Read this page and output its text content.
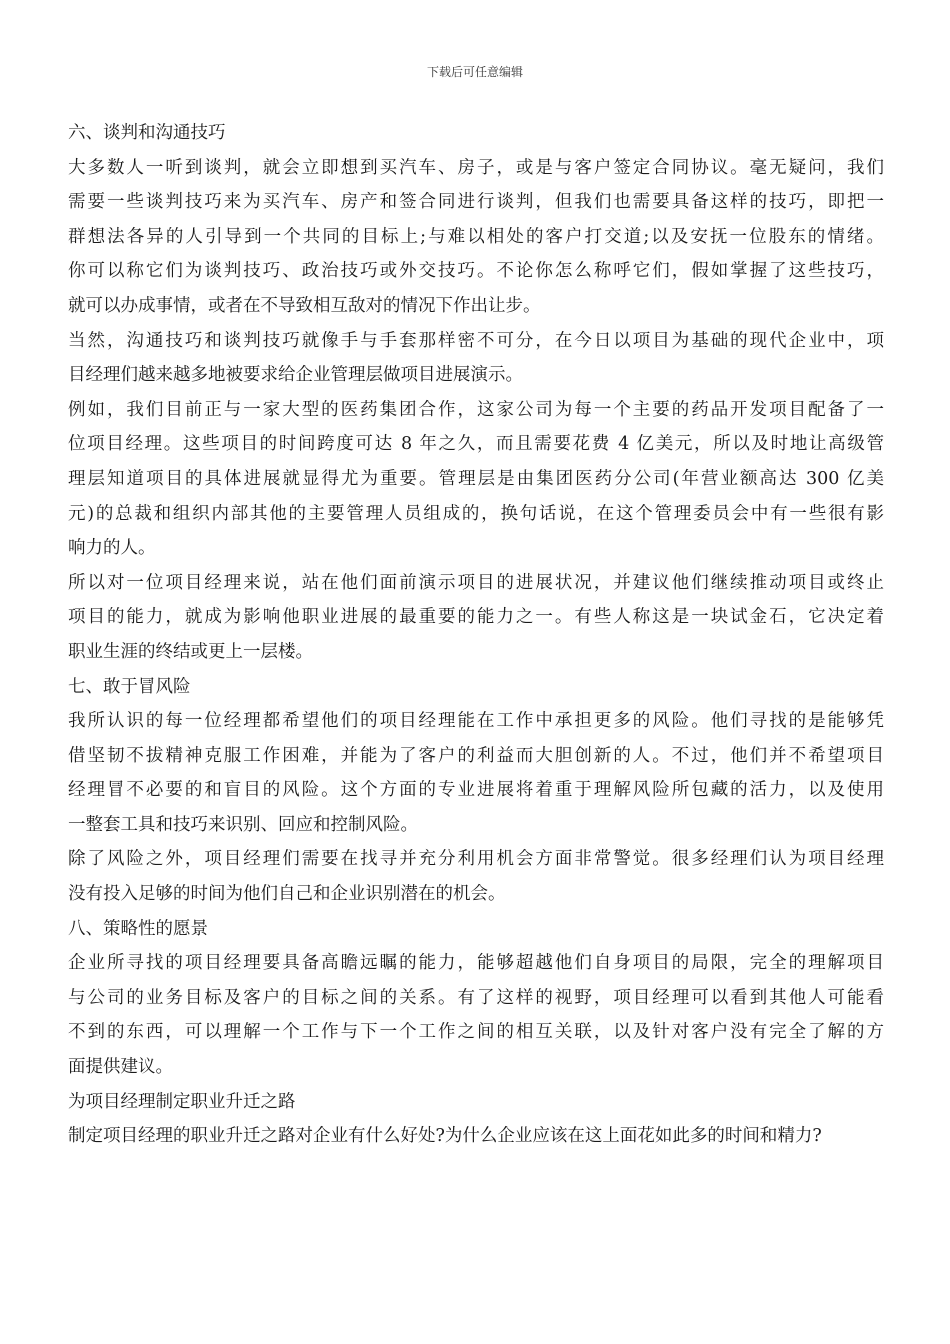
下载后可任意编辑
六、谈判和沟通技巧
大多数人一听到谈判，就会立即想到买汽车、房子，或是与客户签定合同协议。毫无疑问，我们
需要一些谈判技巧来为买汽车、房产和签合同进行谈判，但我们也需要具备这样的技巧，即把一
群想法各异的人引导到一个共同的目标上;与难以相处的客户打交道;以及安抚一位股东的情绪。
你可以称它们为谈判技巧、政治技巧或外交技巧。不论你怎么称呼它们，假如掌握了这些技巧，
就可以办成事情，或者在不导致相互敌对的情况下作出让步。
当然，沟通技巧和谈判技巧就像手与手套那样密不可分，在今日以项目为基础的现代企业中，项
目经理们越来越多地被要求给企业管理层做项目进展演示。
例如，我们目前正与一家大型的医药集团合作，这家公司为每一个主要的药品开发项目配备了一
位项目经理。这些项目的时间跨度可达 8 年之久，而且需要花费 4 亿美元，所以及时地让高级管
理层知道项目的具体进展就显得尤为重要。管理层是由集团医药分公司(年营业额高达 300 亿美
元)的总裁和组织内部其他的主要管理人员组成的，换句话说，在这个管理委员会中有一些很有影
响力的人。
所以对一位项目经理来说，站在他们面前演示项目的进展状况，并建议他们继续推动项目或终止
项目的能力，就成为影响他职业进展的最重要的能力之一。有些人称这是一块试金石，它决定着
职业生涯的终结或更上一层楼。
七、敢于冒风险
我所认识的每一位经理都希望他们的项目经理能在工作中承担更多的风险。他们寻找的是能够凭
借坚韧不拔精神克服工作困难，并能为了客户的利益而大胆创新的人。不过，他们并不希望项目
经理冒不必要的和盲目的风险。这个方面的专业进展将着重于理解风险所包藏的活力，以及使用
一整套工具和技巧来识别、回应和控制风险。
除了风险之外，项目经理们需要在找寻并充分利用机会方面非常警觉。很多经理们认为项目经理
没有投入足够的时间为他们自己和企业识别潜在的机会。
八、策略性的愿景
企业所寻找的项目经理要具备高瞻远瞩的能力，能够超越他们自身项目的局限，完全的理解项目
与公司的业务目标及客户的目标之间的关系。有了这样的视野，项目经理可以看到其他人可能看
不到的东西，可以理解一个工作与下一个工作之间的相互关联，以及针对客户没有完全了解的方
面提供建议。
为项目经理制定职业升迁之路
制定项目经理的职业升迁之路对企业有什么好处?为什么企业应该在这上面花如此多的时间和精力?
